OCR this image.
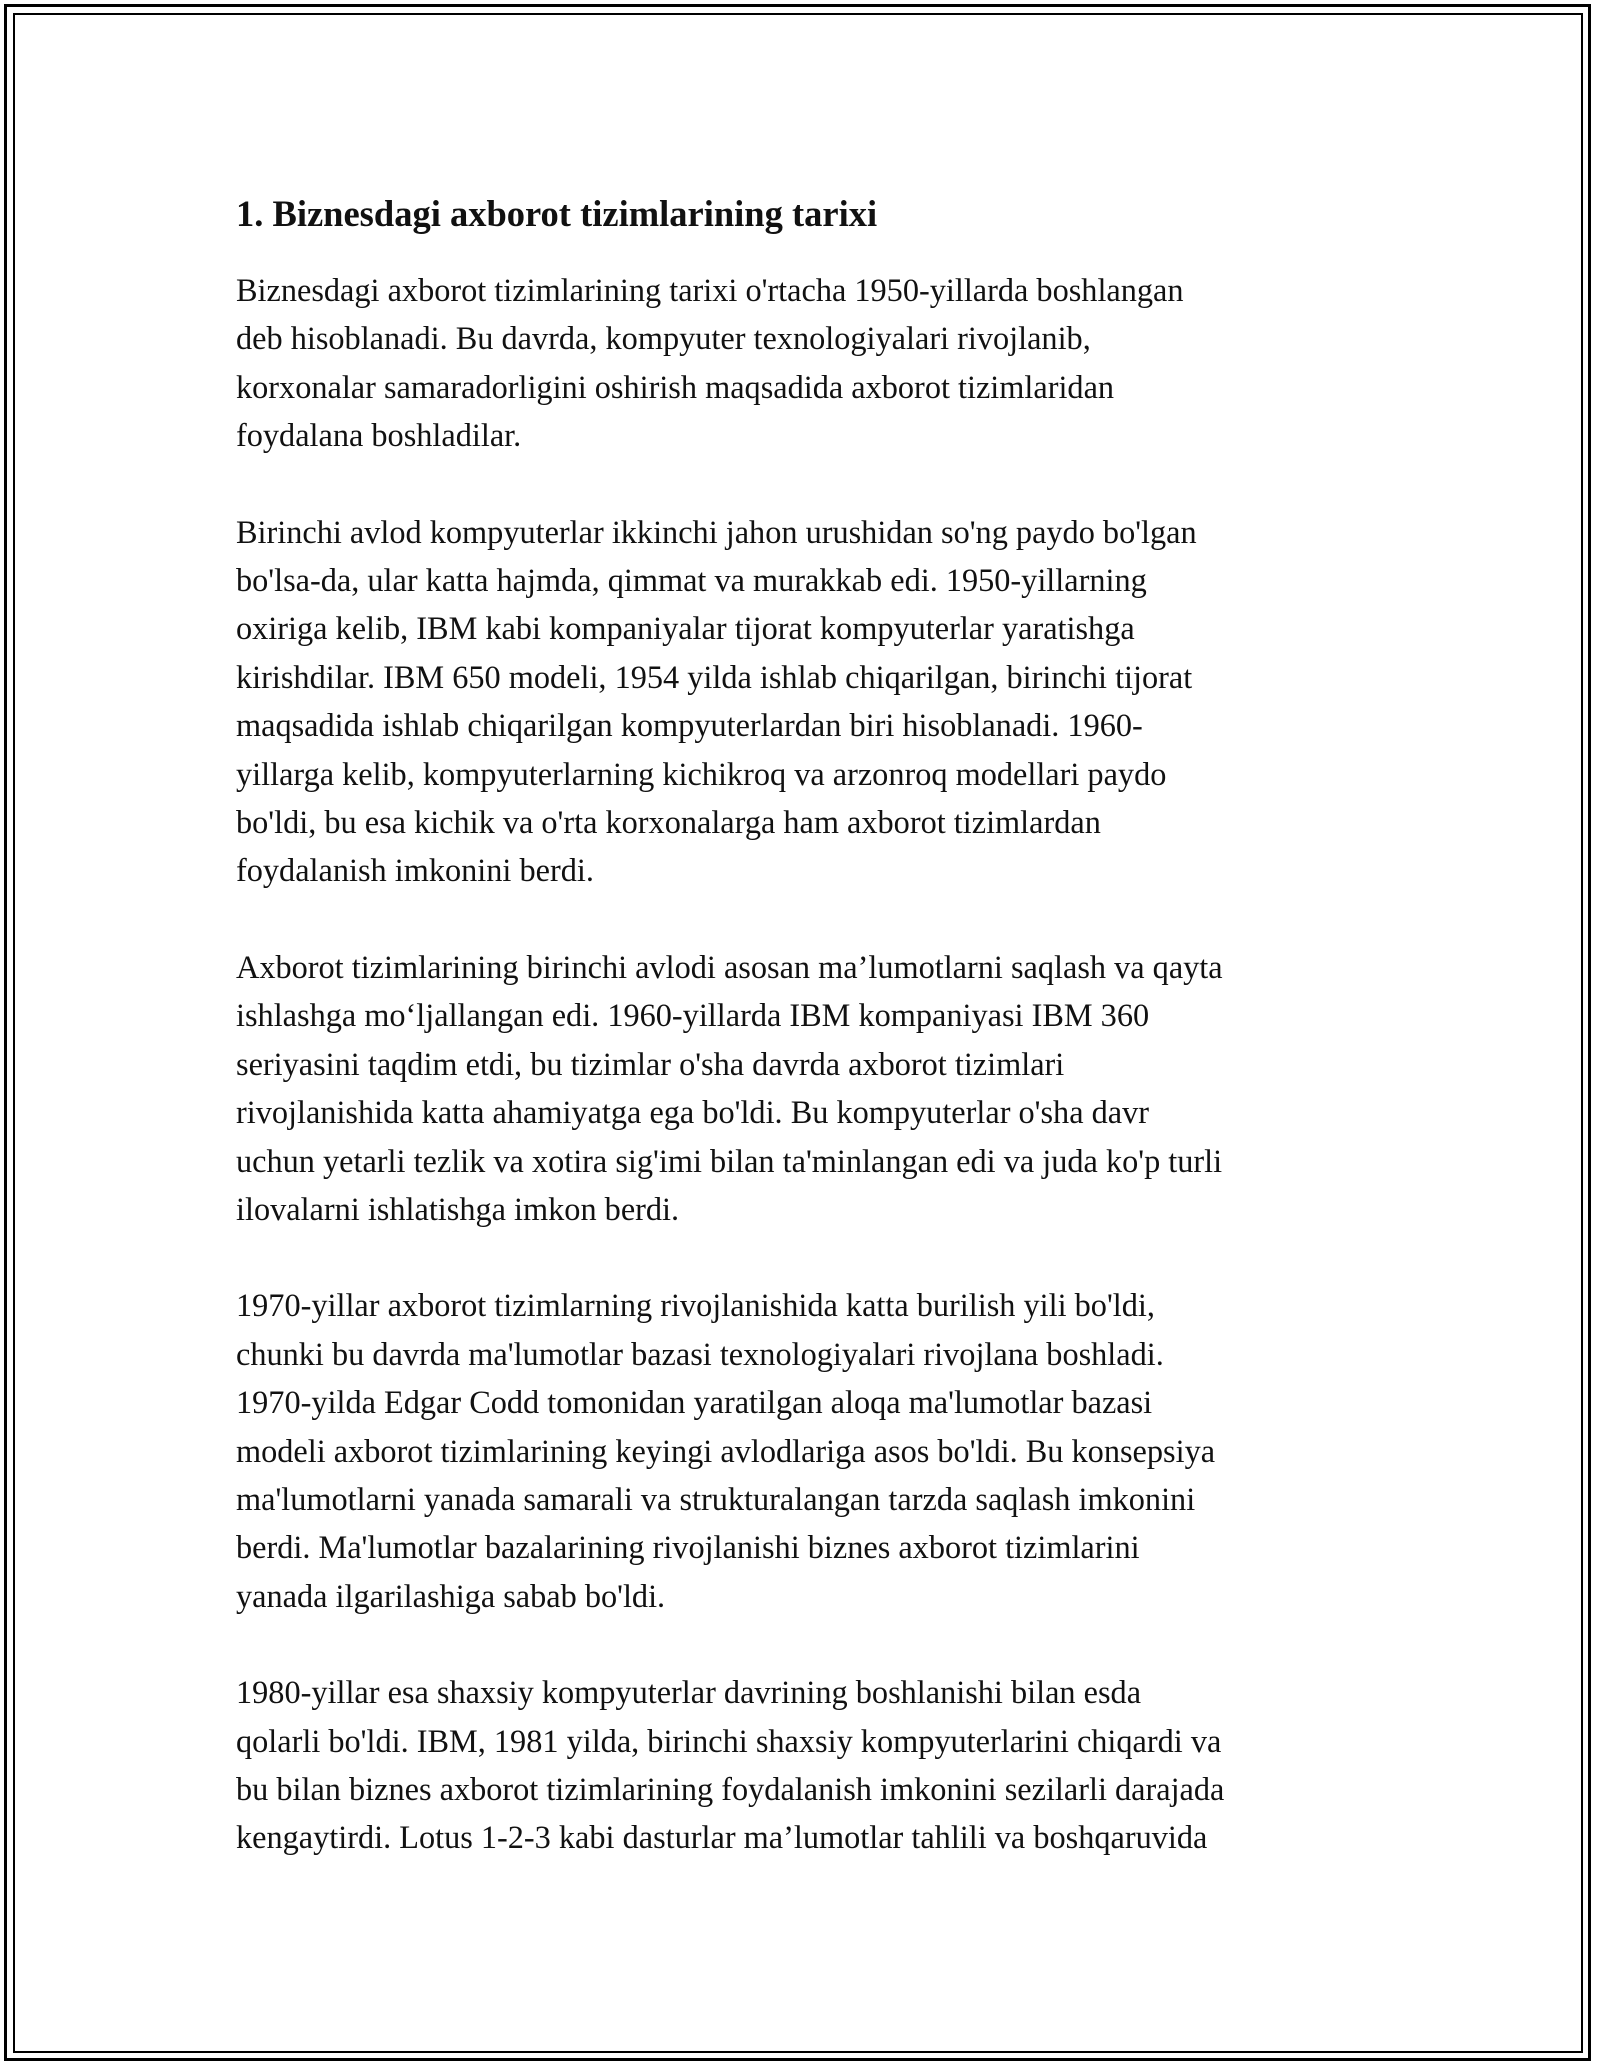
1. Biznesdagi axborot tizimlarining tarixi

Biznesdagi axborot tizimlarining tarixi o'rtacha 1950-yillarda boshlangan
deb hisoblanadi. Bu davrda, kompyuter texnologiyalari rivojlanib,
korxonalar samaradorligini oshirish maqsadida axborot tizimlaridan
foydalana boshladilar.

Birinchi avlod kompyuterlar ikkinchi jahon urushidan so'ng paydo bo'lgan
bo'lsa-da, ular katta hajmda, qimmat va murakkab edi. 1950-yillarning
oxiriga kelib, IBM kabi kompaniyalar tijorat kompyuterlar yaratishga
kirishdilar. IBM 650 modeli, 1954 yilda ishlab chiqarilgan, birinchi tijorat
maqsadida ishlab chiqarilgan kompyuterlardan biri hisoblanadi. 1960-
yillarga kelib, kompyuterlarning kichikroq va arzonroq modellari paydo
bo'ldi, bu esa kichik va o'rta korxonalarga ham axborot tizimlardan
foydalanish imkonini berdi.

Axborot tizimlarining birinchi avlodi asosan ma’lumotlarni saqlash va qayta
ishlashga mo‘ljallangan edi. 1960-yillarda IBM kompaniyasi IBM 360
seriyasini taqdim etdi, bu tizimlar o'sha davrda axborot tizimlari
rivojlanishida katta ahamiyatga ega bo'ldi. Bu kompyuterlar o'sha davr
uchun yetarli tezlik va xotira sig'imi bilan ta'minlangan edi va juda ko'p turli
ilovalarni ishlatishga imkon berdi.

1970-yillar axborot tizimlarning rivojlanishida katta burilish yili bo'ldi,
chunki bu davrda ma'lumotlar bazasi texnologiyalari rivojlana boshladi.
1970-yilda Edgar Codd tomonidan yaratilgan aloqa ma'lumotlar bazasi
modeli axborot tizimlarining keyingi avlodlariga asos bo'ldi. Bu konsepsiya
ma'lumotlarni yanada samarali va strukturalangan tarzda saqlash imkonini
berdi. Ma'lumotlar bazalarining rivojlanishi biznes axborot tizimlarini
yanada ilgarilashiga sabab bo'ldi.

1980-yillar esa shaxsiy kompyuterlar davrining boshlanishi bilan esda
qolarli bo'ldi. IBM, 1981 yilda, birinchi shaxsiy kompyuterlarini chiqardi va
bu bilan biznes axborot tizimlarining foydalanish imkonini sezilarli darajada
kengaytirdi. Lotus 1-2-3 kabi dasturlar ma’lumotlar tahlili va boshqaruvida
